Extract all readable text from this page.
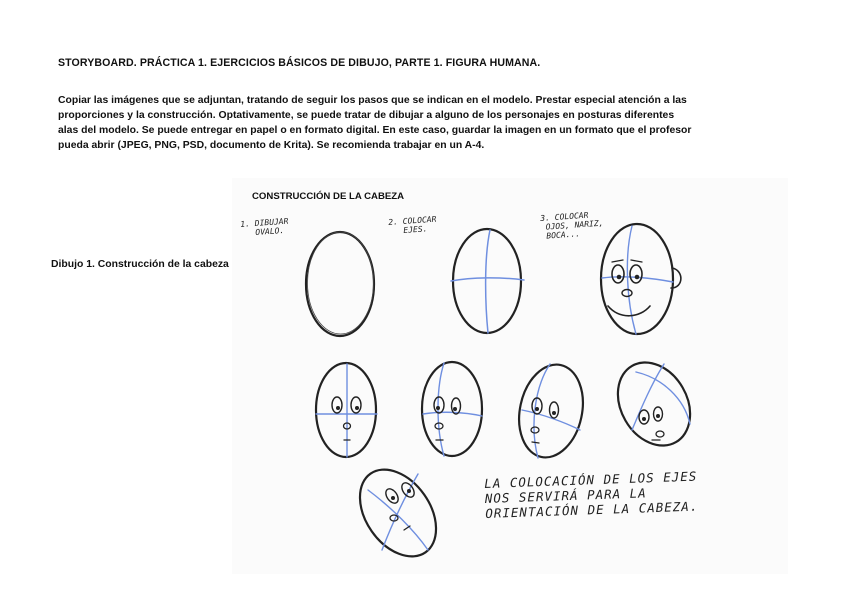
STORYBOARD. PRÁCTICA 1. EJERCICIOS BÁSICOS DE DIBUJO, PARTE 1. FIGURA HUMANA.

Copiar las imágenes que se adjuntan, tratando de seguir los pasos que se indican en el modelo. Prestar especial atención a las

proporciones y la construcción. Optativamente, se puede tratar de dibujar a alguno de los personajes en posturas diferentes

alas del modelo. Se puede entregar en papel o en formato digital. En este caso, guardar la imagen en un formato que el profesor

pueda abrir (JPEG, PNG, PSD, documento de Krita). Se recomienda trabajar en un A-4.

Dibujo 1. Construcción de la cabeza
CONSTRUCCIÓN DE LA CABEZA
1. DIBUJAR
OVALO.
2. COLOCAR
EJES.
3. COLOCAR
OJOS, NARIZ,
BOCA...
LA COLOCACIÓN DE LOS EJES
NOS SERVIRÁ PARA LA
ORIENTACIÓN DE LA CABEZA.
